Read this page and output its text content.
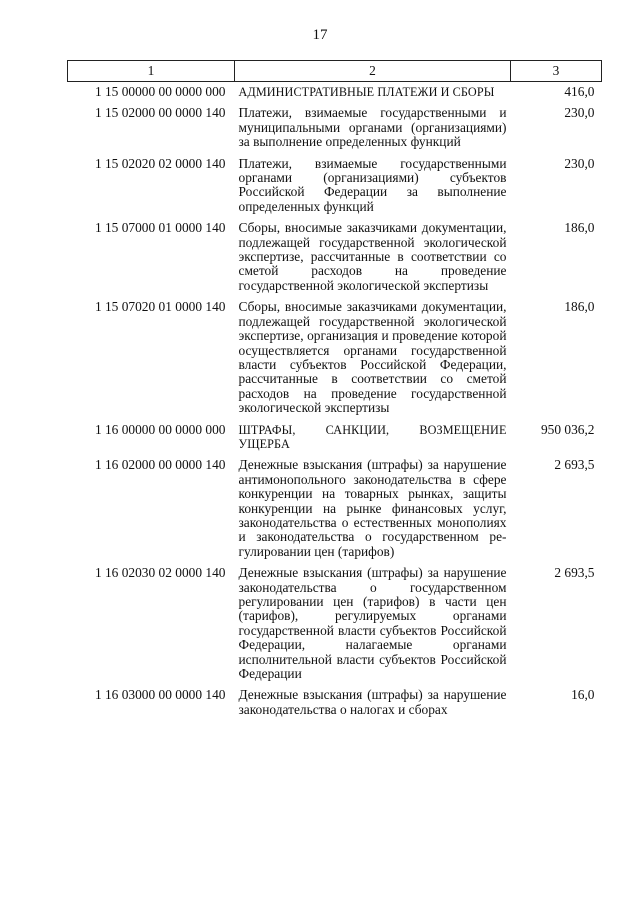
17
1	2	3
1 15 00000 00 0000 000	АДМИНИСТРАТИВНЫЕ ПЛАТЕЖИ И СБОРЫ	416,0
1 15 02000 00 0000 140	Платежи, взимаемые государственными и муниципальными органами (организациями) за выполнение определенных функций	230,0
1 15 02020 02 0000 140	Платежи, взимаемые государственными органами (организациями) субъектов Российской Федерации за выполнение определенных функций	230,0
1 15 07000 01 0000 140	Сборы, вносимые заказчиками документации, подлежащей государственной экологической экспертизе, рассчитанные в соответствии со сметой расходов на проведение государственной экологической экспертизы	186,0
1 15 07020 01 0000 140	Сборы, вносимые заказчиками документации, подлежащей государственной экологической экспертизе, организация и проведение которой осуществляется органами государственной власти субъектов Российской Федерации, рассчитанные в соответствии со сметой расходов на проведение государственной экологической экспертизы	186,0
1 16 00000 00 0000 000	ШТРАФЫ, САНКЦИИ, ВОЗМЕЩЕНИЕ УЩЕРБА	950 036,2
1 16 02000 00 0000 140	Денежные взыскания (штрафы) за нарушение антимонопольного законодательства в сфере конкуренции на товарных рынках, защиты конкуренции на рынке финансовых услуг, законодательства о естественных монополиях и законодательства о государственном регулировании цен (тарифов)	2 693,5
1 16 02030 02 0000 140	Денежные взыскания (штрафы) за нарушение законодательства о государственном регулировании цен (тарифов) в части цен (тарифов), регулируемых органами государственной власти субъектов Российской Федерации, налагаемые органами исполнительной власти субъектов Российской Федерации	2 693,5
1 16 03000 00 0000 140	Денежные взыскания (штрафы) за нарушение законодательства о налогах и сборах	16,0
